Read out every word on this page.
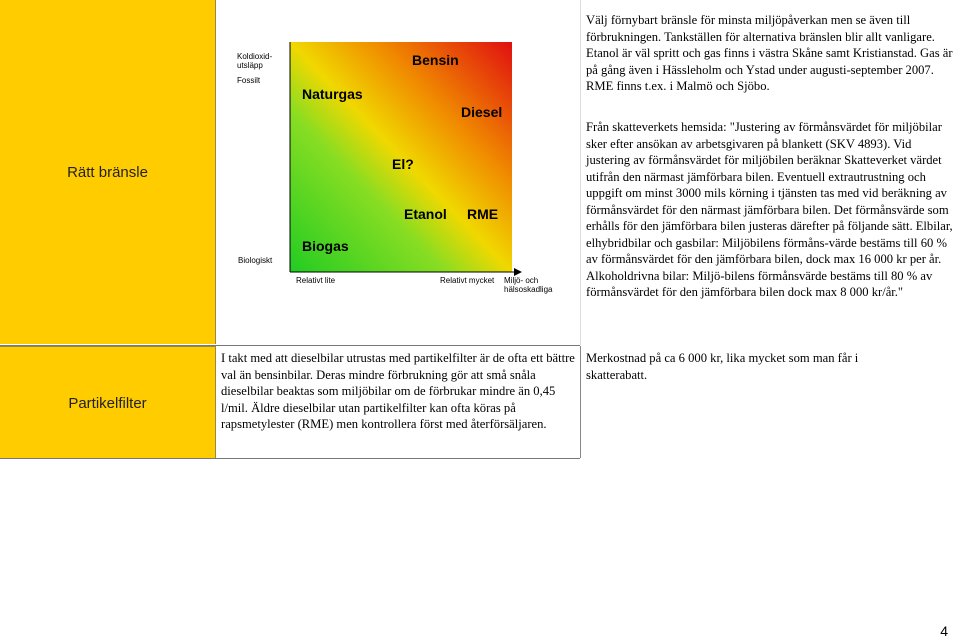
Rätt bränsle
Partikelfilter
Koldioxid-
utsläpp
Fossilt
Biologiskt
Relativt lite	Relativt mycket Miljö- och
hälsoskadliga
Bensin
Naturgas
Diesel
El?
Etanol RME
Biogas
Välj förnybart bränsle för minsta miljöpåverkan men se även till förbrukningen. Tankställen för alternativa bränslen blir allt vanligare. Etanol är väl spritt och gas finns i västra Skåne samt Kristianstad. Gas är på gång även i Hässleholm och Ystad under augusti-september 2007. RME finns t.ex. i Malmö och Sjöbo.
Från skatteverkets hemsida: "Justering av förmånsvärdet för miljöbilar sker efter ansökan av arbetsgivaren på blankett (SKV 4893). Vid justering av förmånsvärdet för miljöbilen beräknar Skatteverket värdet utifrån den närmast jämförbara bilen. Eventuell extrautrustning och uppgift om minst 3000 mils körning i tjänsten tas med vid beräkning av förmånsvärdet för den närmast jämförbara bilen. Det förmånsvärde som erhålls för den jämförbara bilen justeras därefter på följande sätt. Elbilar, elhybridbilar och gasbilar: Miljöbilens förmåns-värde bestäms till 60 % av förmånsvärdet för den jämförbara bilen, dock max 16 000 kr per år. Alkoholdrivna bilar: Miljö-bilens förmånsvärde bestäms till 80 % av förmånsvärdet för den jämförbara bilen dock max 8 000 kr/år."
I takt med att dieselbilar utrustas med partikelfilter är de ofta ett bättre val än bensinbilar. Deras mindre förbrukning gör att små snåla dieselbilar beaktas som miljöbilar om de förbrukar mindre än 0,45 l/mil. Äldre dieselbilar utan partikelfilter kan ofta köras på rapsmetylester (RME) men kontrollera först med återförsäljaren.
Merkostnad på ca 6 000 kr, lika mycket som man får i skatterabatt.
4
